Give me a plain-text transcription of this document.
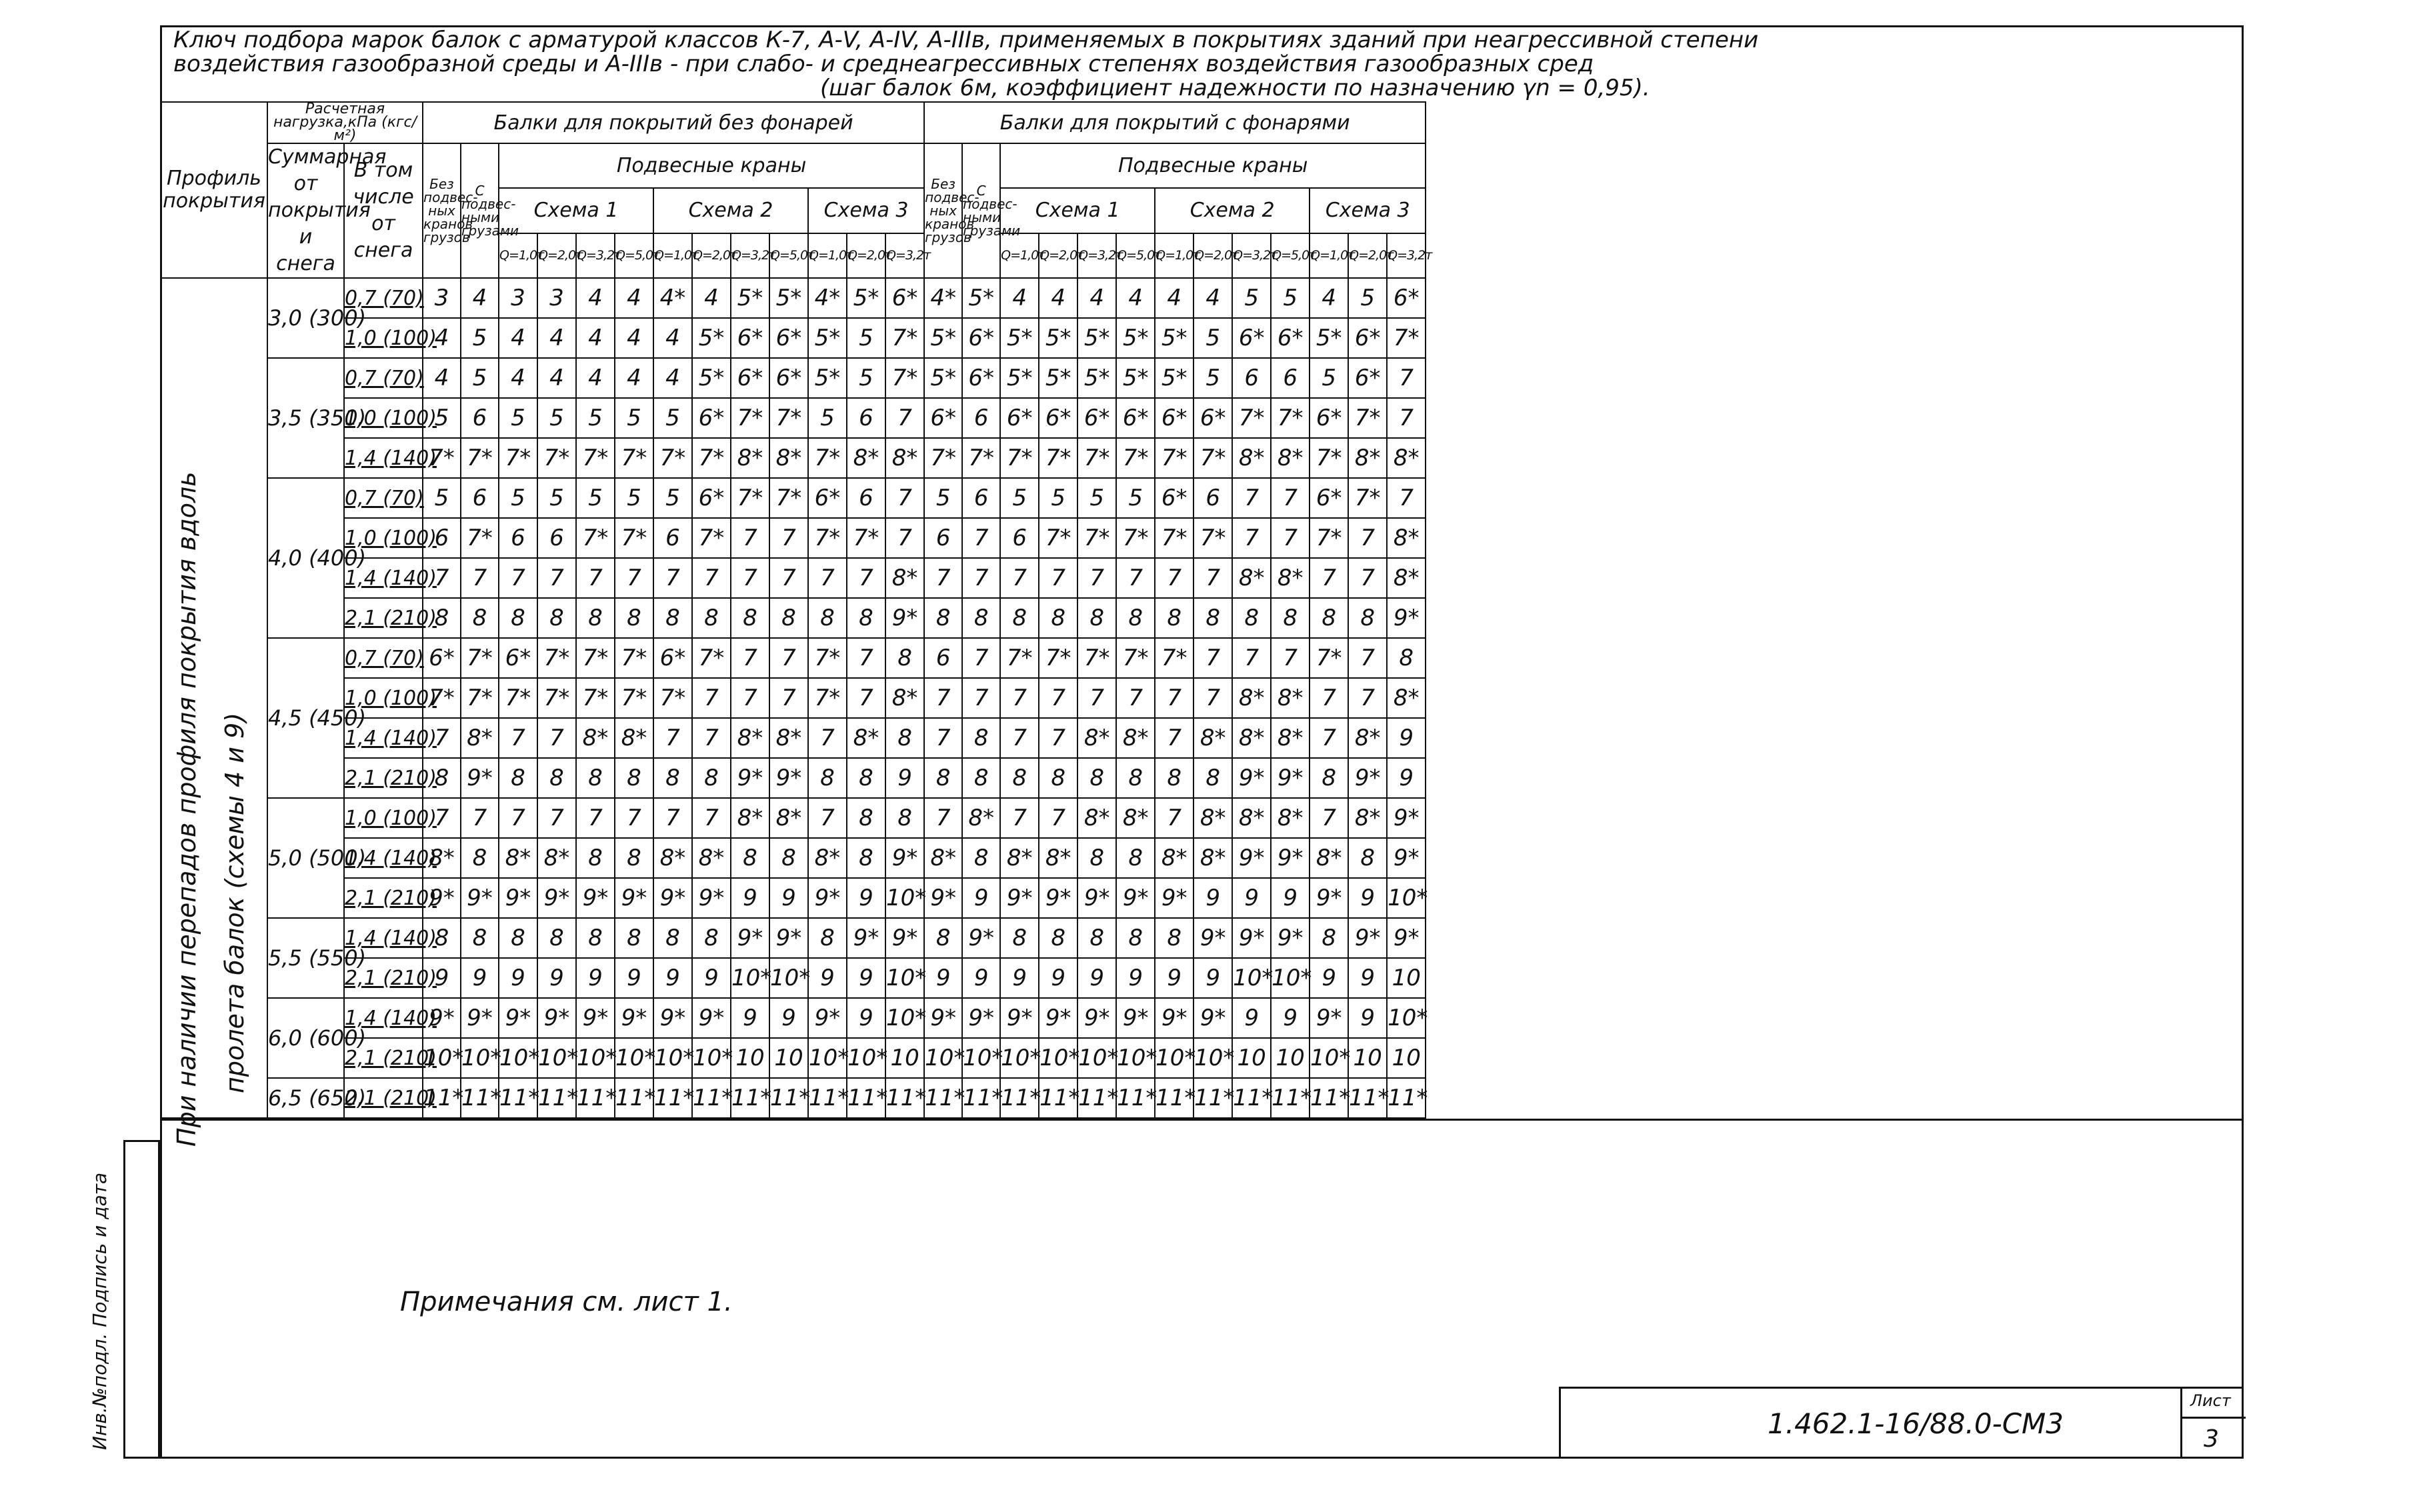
Ключ подбора марок балок с арматурой классов К-7, А-V, А-IV, А-IIIв, применяемых в покрытиях зданий при неагрессивной степени
воздействия газообразной среды и А-IIIв - при слабо- и среднеагрессивных степенях воздействия газообразных сред
(шаг балок 6м, коэффициент надежности по назначению γn = 0,95).
Профиль покрытия	Расчетная нагрузка,кПа (кгс/м²)		Балки для покрытий без фонарей													Балки для покрытий с фонарями												
	Суммарная от покрытия и снега	В том числе от снега	Без подвес-ных кранов грузов	С подвес-ными грузами	Подвесные краны											Без подвес-ных кранов грузов	С подвес-ными грузами	Подвесные краны										
					Схема 1				Схема 2				Схема 3					Схема 1				Схема 2				Схема 3		
					Q=1,0т	Q=2,0т	Q=3,2т	Q=5,0т	Q=1,0т	Q=2,0т	Q=3,2т	Q=5,0т	Q=1,0т	Q=2,0т	Q=3,2т			Q=1,0т	Q=2,0т	Q=3,2т	Q=5,0т	Q=1,0т	Q=2,0т	Q=3,2т	Q=5,0т	Q=1,0т	Q=2,0т	Q=3,2т
	3,0 (300)	0,7 (70)	3	4	3	3	4	4	4*	4	5*	5*	4*	5*	6*	4*	5*	4	4	4	4	4	4	5	5	4	5	6*
		1,0 (100)	4	5	4	4	4	4	4	5*	6*	6*	5*	5	7*	5*	6*	5*	5*	5*	5*	5*	5	6*	6*	5*	6*	7*
	3,5 (350)	0,7 (70)	4	5	4	4	4	4	4	5*	6*	6*	5*	5	7*	5*	6*	5*	5*	5*	5*	5*	5	6	6	5	6*	7
		1,0 (100)	5	6	5	5	5	5	5	6*	7*	7*	5	6	7	6*	6	6*	6*	6*	6*	6*	6*	7*	7*	6*	7*	7
		1,4 (140)	7*	7*	7*	7*	7*	7*	7*	7*	8*	8*	7*	8*	8*	7*	7*	7*	7*	7*	7*	7*	7*	8*	8*	7*	8*	8*
	4,0 (400)	0,7 (70)	5	6	5	5	5	5	5	6*	7*	7*	6*	6	7	5	6	5	5	5	5	6*	6	7	7	6*	7*	7
		1,0 (100)	6	7*	6	6	7*	7*	6	7*	7	7	7*	7*	7	6	7	6	7*	7*	7*	7*	7*	7	7	7*	7	8*
		1,4 (140)	7	7	7	7	7	7	7	7	7	7	7	7	8*	7	7	7	7	7	7	7	7	8*	8*	7	7	8*
		2,1 (210)	8	8	8	8	8	8	8	8	8	8	8	8	9*	8	8	8	8	8	8	8	8	8	8	8	8	9*
	4,5 (450)	0,7 (70)	6*	7*	6*	7*	7*	7*	6*	7*	7	7	7*	7	8	6	7	7*	7*	7*	7*	7*	7	7	7	7*	7	8
		1,0 (100)	7*	7*	7*	7*	7*	7*	7*	7	7	7	7*	7	8*	7	7	7	7	7	7	7	7	8*	8*	7	7	8*
		1,4 (140)	7	8*	7	7	8*	8*	7	7	8*	8*	7	8*	8	7	8	7	7	8*	8*	7	8*	8*	8*	7	8*	9
		2,1 (210)	8	9*	8	8	8	8	8	8	9*	9*	8	8	9	8	8	8	8	8	8	8	8	9*	9*	8	9*	9
	5,0 (500)	1,0 (100)	7	7	7	7	7	7	7	7	8*	8*	7	8	8	7	8*	7	7	8*	8*	7	8*	8*	8*	7	8*	9*
		1,4 (140)	8*	8	8*	8*	8	8	8*	8*	8	8	8*	8	9*	8*	8	8*	8*	8	8	8*	8*	9*	9*	8*	8	9*
		2,1 (210)	9*	9*	9*	9*	9*	9*	9*	9*	9	9	9*	9	10*	9*	9	9*	9*	9*	9*	9*	9	9	9	9*	9	10*
	5,5 (550)	1,4 (140)	8	8	8	8	8	8	8	8	9*	9*	8	9*	9*	8	9*	8	8	8	8	8	9*	9*	9*	8	9*	9*
		2,1 (210)	9	9	9	9	9	9	9	9	10*	10*	9	9	10*	9	9	9	9	9	9	9	9	10*	10*	9	9	10
	6,0 (600)	1,4 (140)	9*	9*	9*	9*	9*	9*	9*	9*	9	9	9*	9	10*	9*	9*	9*	9*	9*	9*	9*	9*	9	9	9*	9	10*
		2,1 (210)	10*	10*	10*	10*	10*	10*	10*	10*	10	10	10*	10*	10	10*	10*	10*	10*	10*	10*	10*	10*	10	10	10*	10	10
	6,5 (650)	2,1 (210)	11*	11*	11*	11*	11*	11*	11*	11*	11*	11*	11*	11*	11*	11*	11*	11*	11*	11*	11*	11*	11*	11*	11*	11*	11*	11*

При наличии перепадов профиля покрытия вдоль пролета балок (схемы 4 и 9)
Примечания см. лист 1.
Инв.№подл. Подпись и дата	1.462.1-16/88.0-СМ3
Лист
3
